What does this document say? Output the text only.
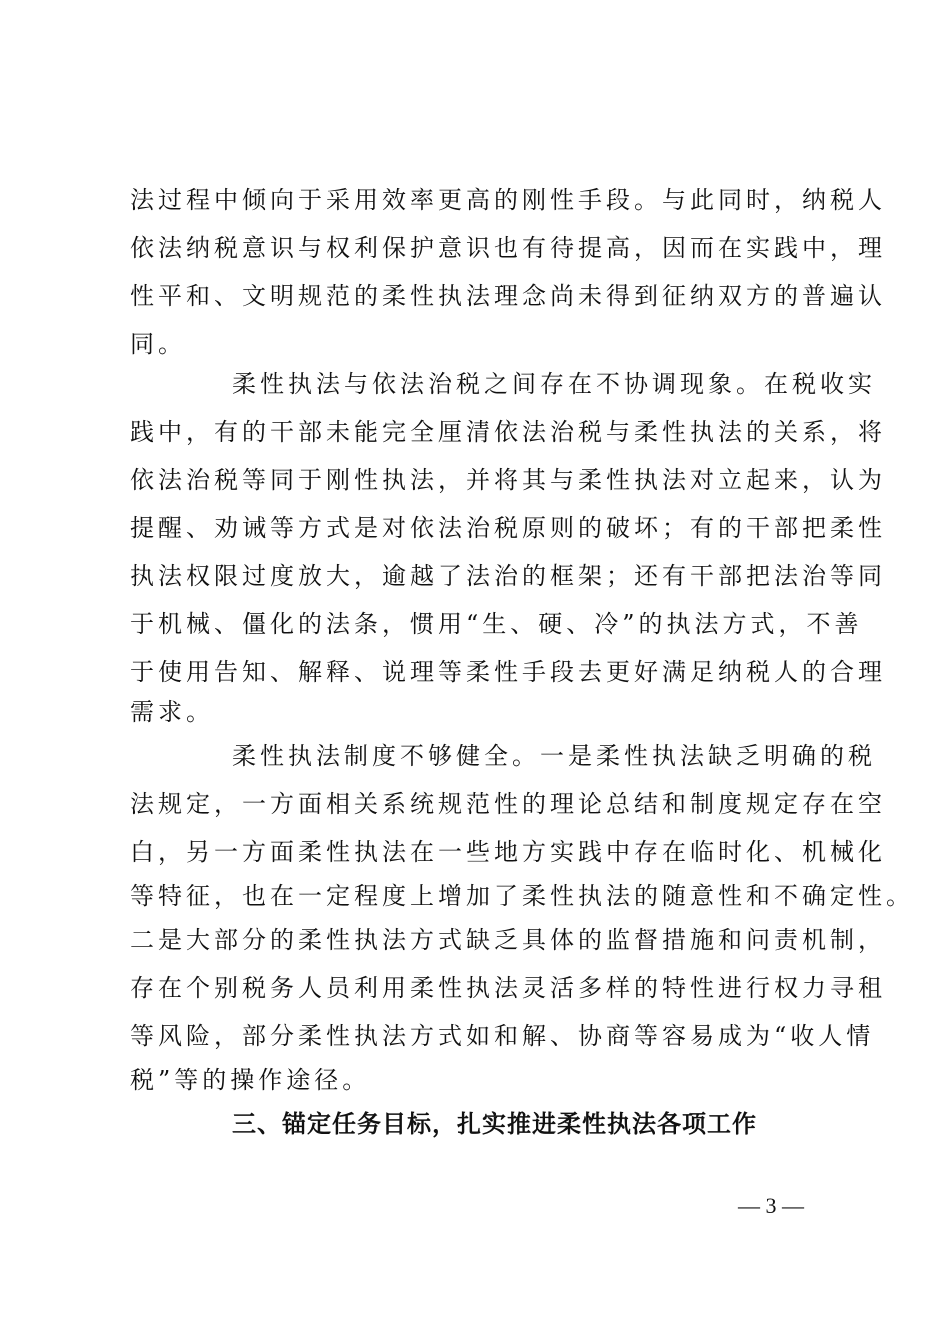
法过程中倾向于采用效率更高的刚性手段。与此同时，纳税人
依法纳税意识与权利保护意识也有待提高，因而在实践中，理
性平和、文明规范的柔性执法理念尚未得到征纳双方的普遍认
同。
柔性执法与依法治税之间存在不协调现象。在税收实
践中，有的干部未能完全厘清依法治税与柔性执法的关系，将
依法治税等同于刚性执法，并将其与柔性执法对立起来，认为
提醒、劝诫等方式是对依法治税原则的破坏；有的干部把柔性
执法权限过度放大，逾越了法治的框架；还有干部把法治等同
于机械、僵化的法条，惯用“生、硬、冷”的执法方式，不善
于使用告知、解释、说理等柔性手段去更好满足纳税人的合理
需求。
柔性执法制度不够健全。一是柔性执法缺乏明确的税
法规定，一方面相关系统规范性的理论总结和制度规定存在空
白，另一方面柔性执法在一些地方实践中存在临时化、机械化
等特征，也在一定程度上增加了柔性执法的随意性和不确定性。
二是大部分的柔性执法方式缺乏具体的监督措施和问责机制，
存在个别税务人员利用柔性执法灵活多样的特性进行权力寻租
等风险，部分柔性执法方式如和解、协商等容易成为“收人情
税”等的操作途径。
三、锚定任务目标，扎实推进柔性执法各项工作
— 3 —
